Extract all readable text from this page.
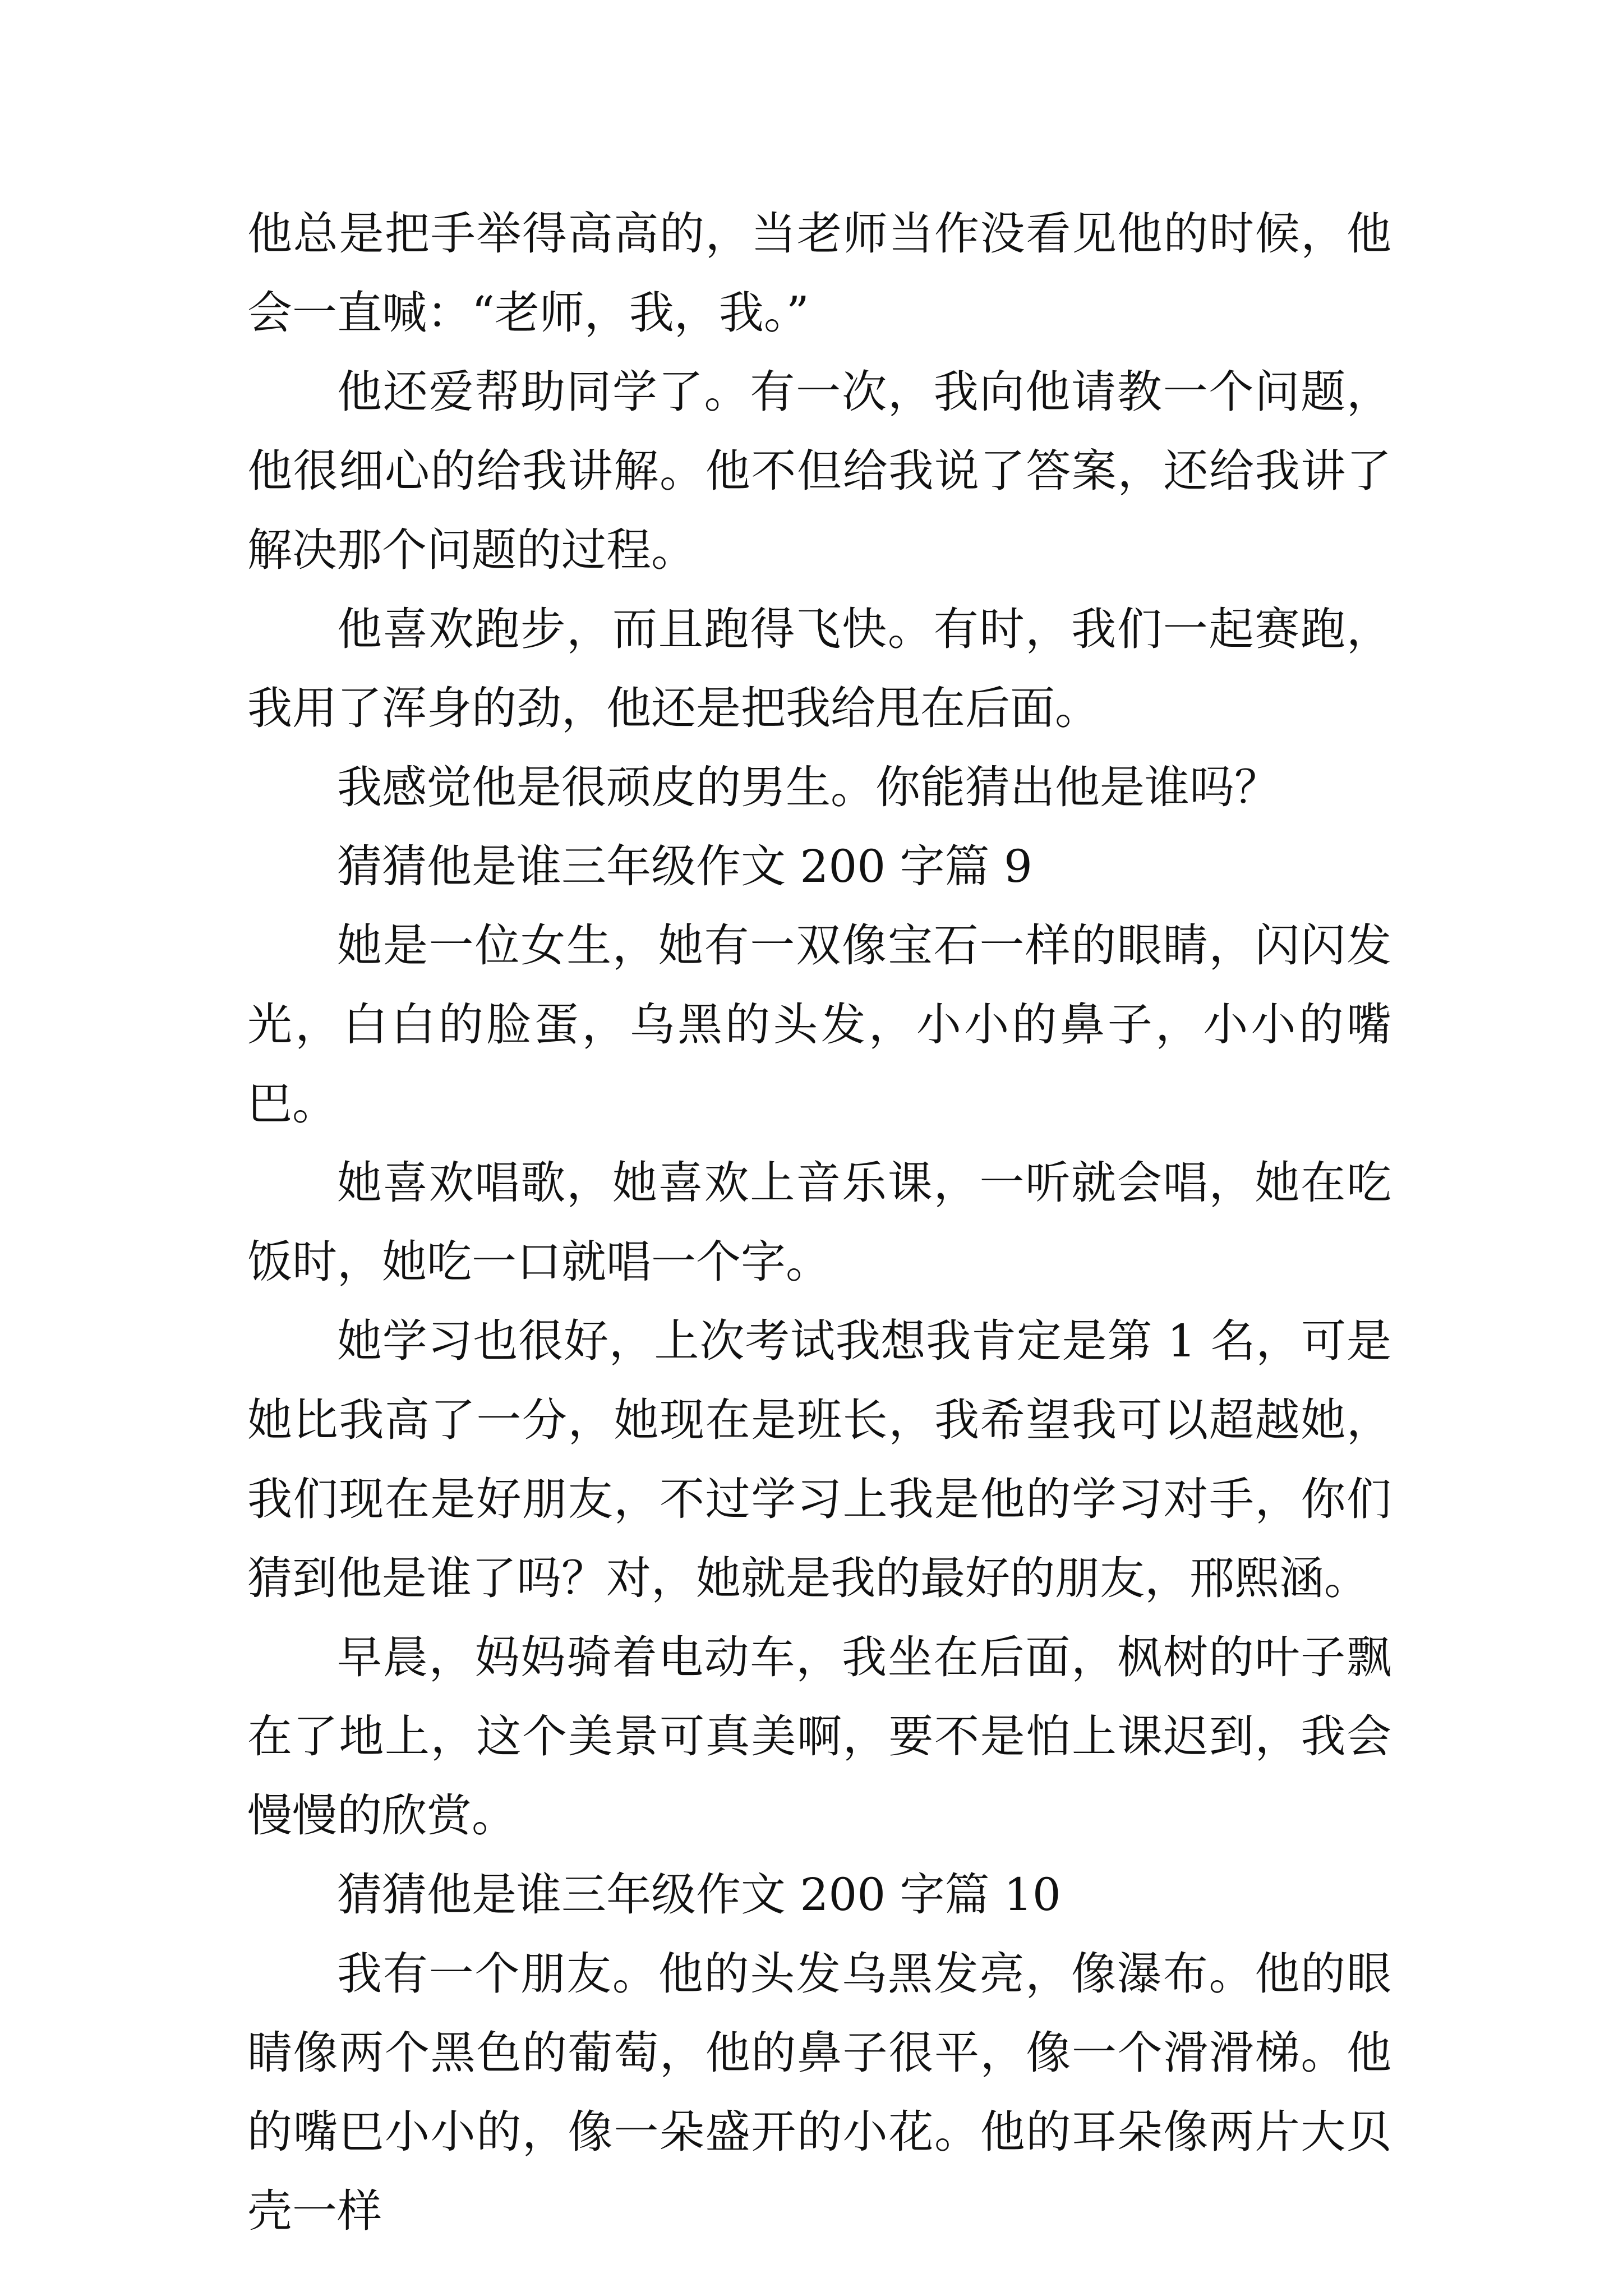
他总是把手举得高高的，当老师当作没看见他的时候，他会一直喊：“老师，我，我。”

他还爱帮助同学了。有一次，我向他请教一个问题，他很细心的给我讲解。他不但给我说了答案，还给我讲了解决那个问题的过程。

他喜欢跑步，而且跑得飞快。有时，我们一起赛跑，我用了浑身的劲，他还是把我给甩在后面。

我感觉他是很顽皮的男生。你能猜出他是谁吗？

猜猜他是谁三年级作文 200 字篇 9

她是一位女生，她有一双像宝石一样的眼睛，闪闪发光，白白的脸蛋，乌黑的头发，小小的鼻子，小小的嘴巴。

她喜欢唱歌，她喜欢上音乐课，一听就会唱，她在吃饭时，她吃一口就唱一个字。

她学习也很好，上次考试我想我肯定是第 1 名，可是她比我高了一分，她现在是班长，我希望我可以超越她，我们现在是好朋友，不过学习上我是他的学习对手，你们猜到他是谁了吗？对，她就是我的最好的朋友，邢熙涵。

早晨，妈妈骑着电动车，我坐在后面，枫树的叶子飘在了地上，这个美景可真美啊，要不是怕上课迟到，我会慢慢的欣赏。

猜猜他是谁三年级作文 200 字篇 10

我有一个朋友。他的头发乌黑发亮，像瀑布。他的眼睛像两个黑色的葡萄，他的鼻子很平，像一个滑滑梯。他的嘴巴小小的，像一朵盛开的小花。他的耳朵像两片大贝壳一样
